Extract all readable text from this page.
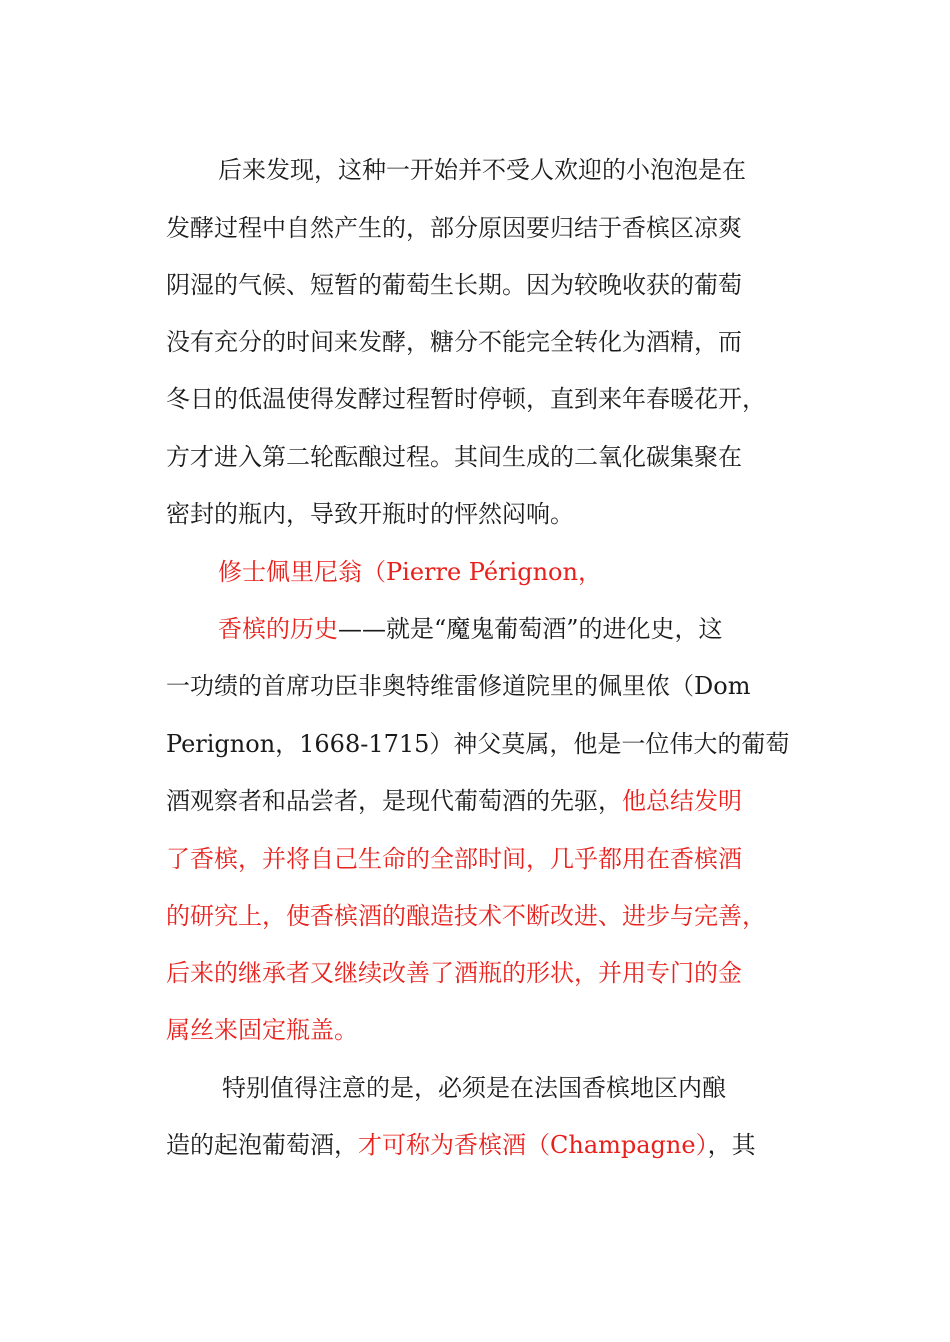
后来发现，这种一开始并不受人欢迎的小泡泡是在
发酵过程中自然产生的，部分原因要归结于香槟区凉爽
阴湿的气候、短暂的葡萄生长期。因为较晚收获的葡萄
没有充分的时间来发酵，糖分不能完全转化为酒精，而
冬日的低温使得发酵过程暂时停顿，直到来年春暖花开，
方才进入第二轮酝酿过程。其间生成的二氧化碳集聚在
密封的瓶内，导致开瓶时的怦然闷响。
修士佩里尼翁（Pierre Pérignon，
香槟的历史——就是“魔鬼葡萄酒”的进化史，这
一功绩的首席功臣非奥特维雷修道院里的佩里侬（Dom
Perignon，1668-1715）神父莫属，他是一位伟大的葡萄
酒观察者和品尝者，是现代葡萄酒的先驱，他总结发明
了香槟，并将自己生命的全部时间，几乎都用在香槟酒
的研究上，使香槟酒的酿造技术不断改进、进步与完善，
后来的继承者又继续改善了酒瓶的形状，并用专门的金
属丝来固定瓶盖。
特别值得注意的是，必须是在法国香槟地区内酿
造的起泡葡萄酒，才可称为香槟酒（Champagne），其
